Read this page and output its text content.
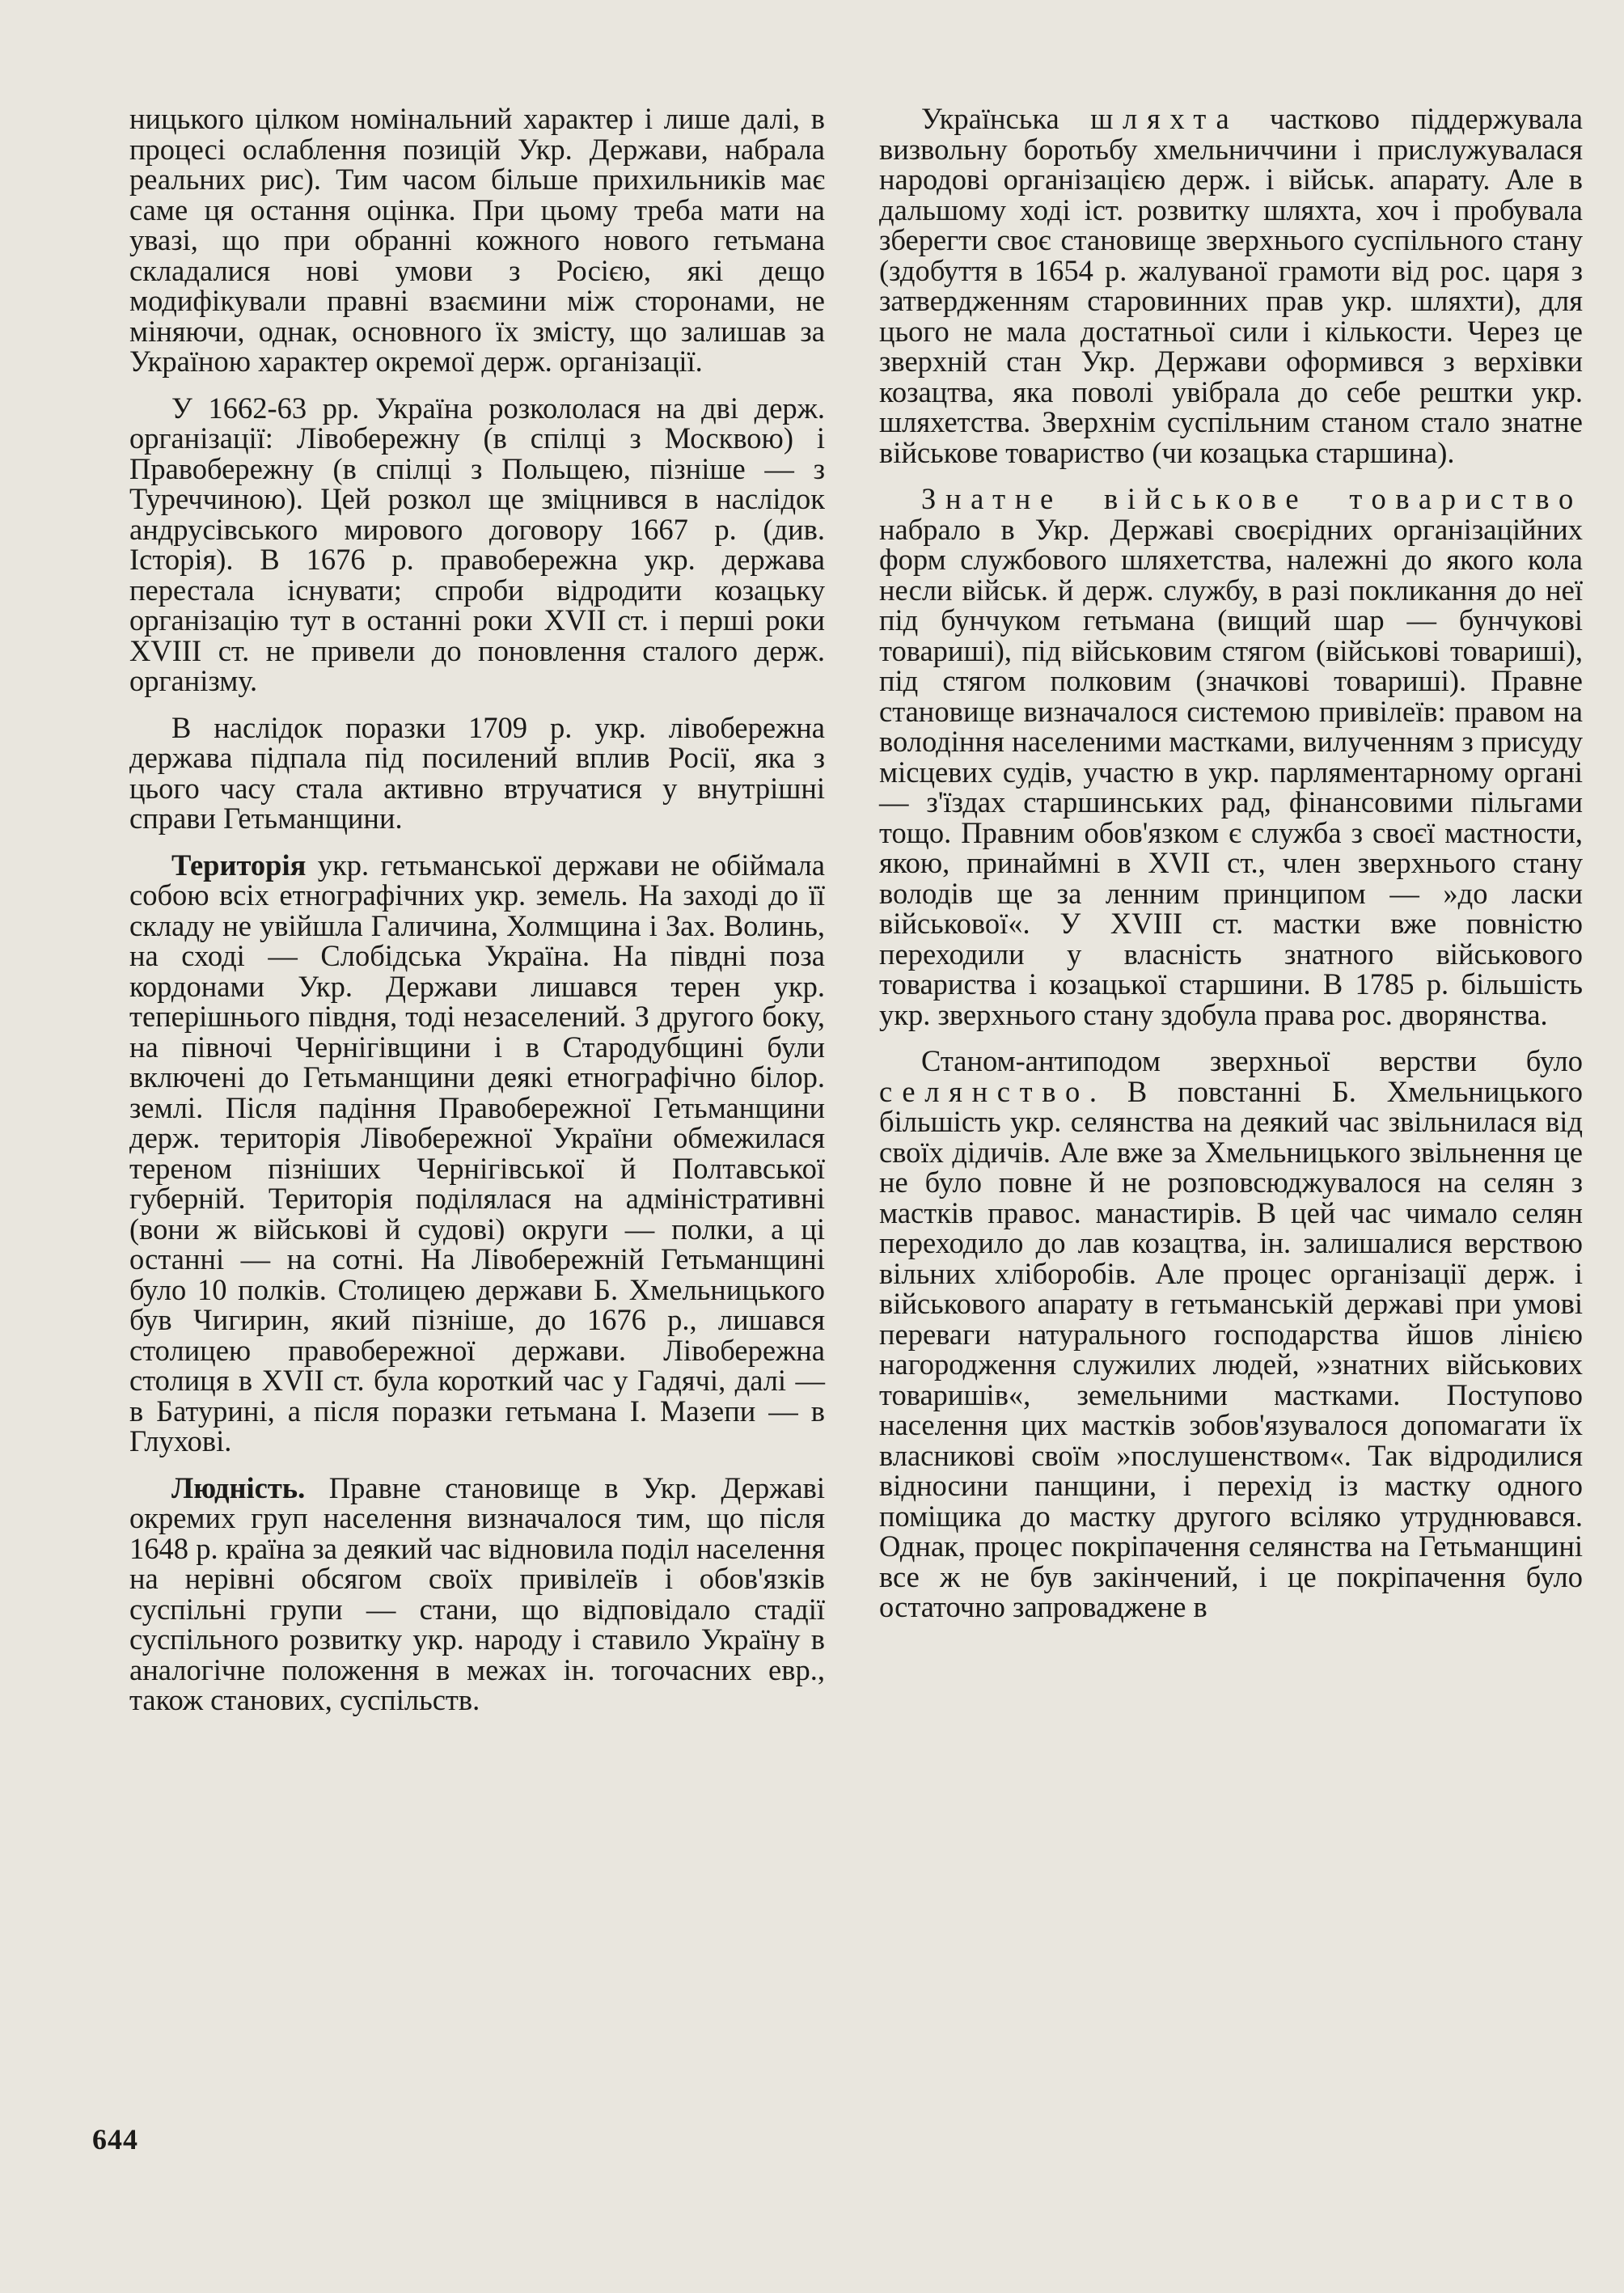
ницького цілком номінальний характер і лише далі, в процесі ослаблення позицій Укр. Держави, набрала реальних рис). Тим часом більше прихильників має саме ця остання оцінка. При цьому треба мати на увазі, що при обранні кожного нового гетьмана складалися нові умови з Росією, які дещо модифікували правні взаємини між сторонами, не міняючи, однак, основного їх змісту, що залишав за Україною характер окремої держ. організації.

У 1662-63 рр. Україна розкололася на дві держ. організації: Лівобережну (в спілці з Москвою) і Правобережну (в спілці з Польщею, пізніше — з Туреччиною). Цей розкол ще зміцнився в наслідок андрусівського мирового договору 1667 р. (див. Історія). В 1676 р. правобережна укр. держава перестала існувати; спроби відродити козацьку організацію тут в останні роки XVII ст. і перші роки XVIII ст. не привели до поновлення сталого держ. організму.

В наслідок поразки 1709 р. укр. лівобережна держава підпала під посилений вплив Росії, яка з цього часу стала активно втручатися у внутрішні справи Гетьманщини.

Територія укр. гетьманської держави не обіймала собою всіх етнографічних укр. земель. На заході до її складу не увійшла Галичина, Холмщина і Зах. Волинь, на сході — Слобідська Україна. На півдні поза кордонами Укр. Держави лишався терен укр. теперішнього півдня, тоді незаселений. З другого боку, на півночі Чернігівщини і в Стародубщині були включені до Гетьманщини деякі етнографічно білор. землі. Після падіння Правобережної Гетьманщини держ. територія Лівобережної України обмежилася тереном пізніших Чернігівської й Полтавської губерній. Територія поділялася на адміністративні (вони ж військові й судові) округи — полки, а ці останні — на сотні. На Лівобережній Гетьманщині було 10 полків. Столицею держави Б. Хмельницького був Чигирин, який пізніше, до 1676 р., лишався столицею правобережної держави. Лівобережна столиця в XVII ст. була короткий час у Гадячі, далі — в Батурині, а після поразки гетьмана І. Мазепи — в Глухові.

Людність. Правне становище в Укр. Державі окремих груп населення визначалося тим, що після 1648 р. країна за деякий час відновила поділ населення на нерівні обсягом своїх привілеїв і обов'язків суспільні групи — стани, що відповідало стадії суспільного розвитку укр. народу і ставило Україну в аналогічне положення в межах ін. тогочасних евр., також станових, суспільств.

Українська шляхта частково піддержувала визвольну боротьбу хмельниччини і прислужувалася народові організацією держ. і військ. апарату. Але в дальшому ході іст. розвитку шляхта, хоч і пробувала зберегти своє становище зверхнього суспільного стану (здобуття в 1654 р. жалуваної грамоти від рос. царя з затвердженням старовинних прав укр. шляхти), для цього не мала достатньої сили і кількости. Через це зверхній стан Укр. Держави оформився з верхівки козацтва, яка поволі увібрала до себе рештки укр. шляхетства. Зверхнім суспільним станом стало знатне військове товариство (чи козацька старшина).

Знатне військове товариство набрало в Укр. Державі своєрідних організаційних форм службового шляхетства, належні до якого кола несли військ. й держ. службу, в разі покликання до неї під бунчуком гетьмана (вищий шар — бунчукові товариші), під військовим стягом (військові товариші), під стягом полковим (значкові товариші). Правне становище визначалося системою привілеїв: правом на володіння населеними мастками, вилученням з присуду місцевих судів, участю в укр. парляментарному органі — з'їздах старшинських рад, фінансовими пільгами тощо. Правним обов'язком є служба з своєї мастности, якою, принаймні в XVII ст., член зверхнього стану володів ще за ленним принципом — »до ласки військової«. У XVIII ст. мастки вже повністю переходили у власність знатного військового товариства і козацької старшини. В 1785 р. більшість укр. зверхнього стану здобула права рос. дворянства.

Станом-антиподом зверхньої верстви було селянство. В повстанні Б. Хмельницького більшість укр. селянства на деякий час звільнилася від своїх дідичів. Але вже за Хмельницького звільнення це не було повне й не розповсюджувалося на селян з мастків правос. манастирів. В цей час чимало селян переходило до лав козацтва, ін. залишалися верствою вільних хліборобів. Але процес організації держ. і військового апарату в гетьманській державі при умові переваги натурального господарства йшов лінією нагородження служилих людей, »знатних військових товаришів«, земельними мастками. Поступово населення цих мастків зобов'язувалося допомагати їх власникові своїм »послушенством«. Так відродилися відносини панщини, і перехід із мастку одного поміщика до мастку другого всіляко утруднювався. Однак, процес покріпачення селянства на Гетьманщині все ж не був закінчений, і це покріпачення було остаточно запроваджене в

644
